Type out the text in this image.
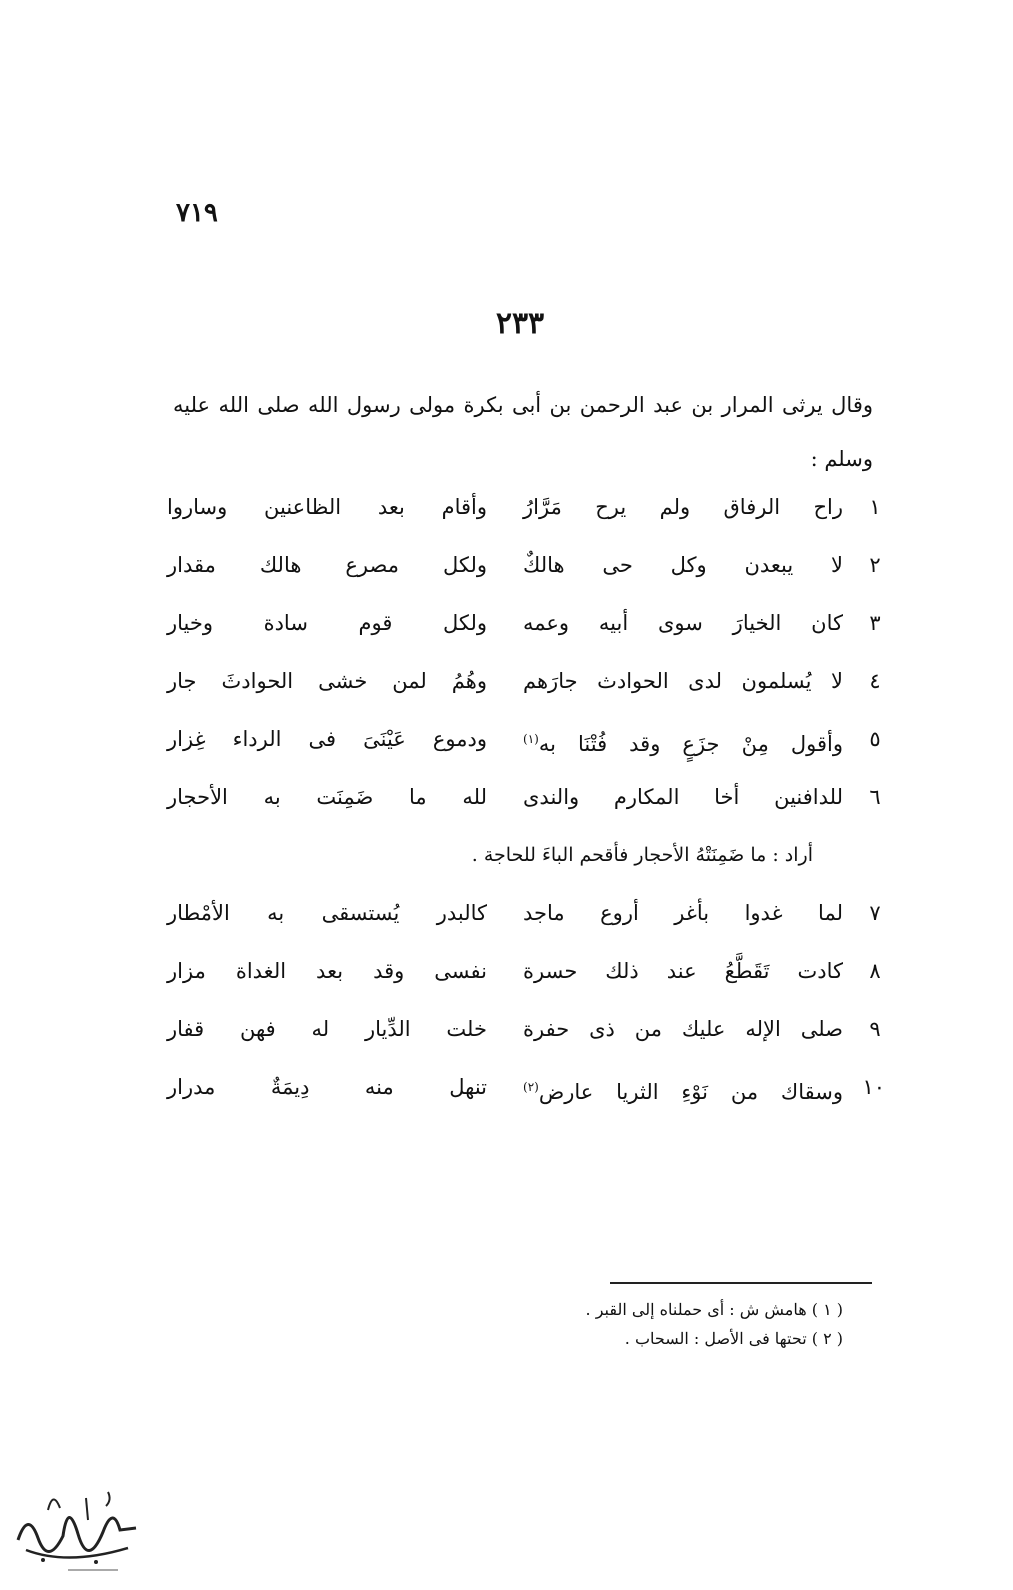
٧١٩
٢٣٣
وقال يرثى المرار بن عبد الرحمن بن أبى بكرة مولى رسول الله صلى الله عليه وسلم :
١
راح الرفاق ولم يرح مَرَّارُ
وأقام بعد الظاعنين وساروا
٢
لا يبعدن وكل حى هالكٌ
ولكل مصرع هالك مقدار
٣
كان الخيارَ سوى أبيه وعمه
ولكل قوم سادة وخيار
٤
لا يُسلمون لدى الحوادث جارَهم
وهُمُ لمن خشى الحوادثَ جار
٥
وأقول مِنْ جزَعٍ وقد فُتْنَا به$^{(١)}$
ودموع عَيْنَىَ فى الرداء غِزار
٦
للدافنين أخا المكارم والندى
لله ما ضَمِنَت به الأحجار
أراد : ما ضَمِنَتْهُ الأحجار فأقحم الباءَ للحاجة .
٧
لما غدوا بأغر أروع ماجد
كالبدر يُستسقى به الأمْطار
٨
كادت تَقَطَّعُ عند ذلك حسرة
نفسى وقد بعد الغداة مزار
٩
صلى الإله عليك من ذى حفرة
خلت الدِّيار له فهن قفار
١٠
وسقاك من نَوْءِ الثريا عارض$^{(٢)}$
تنهل منه دِيمَةٌ مدرار
( ١ ) هامش ش : أى حملناه إلى القبر .
( ٢ ) تحتها فى الأصل : السحاب .
